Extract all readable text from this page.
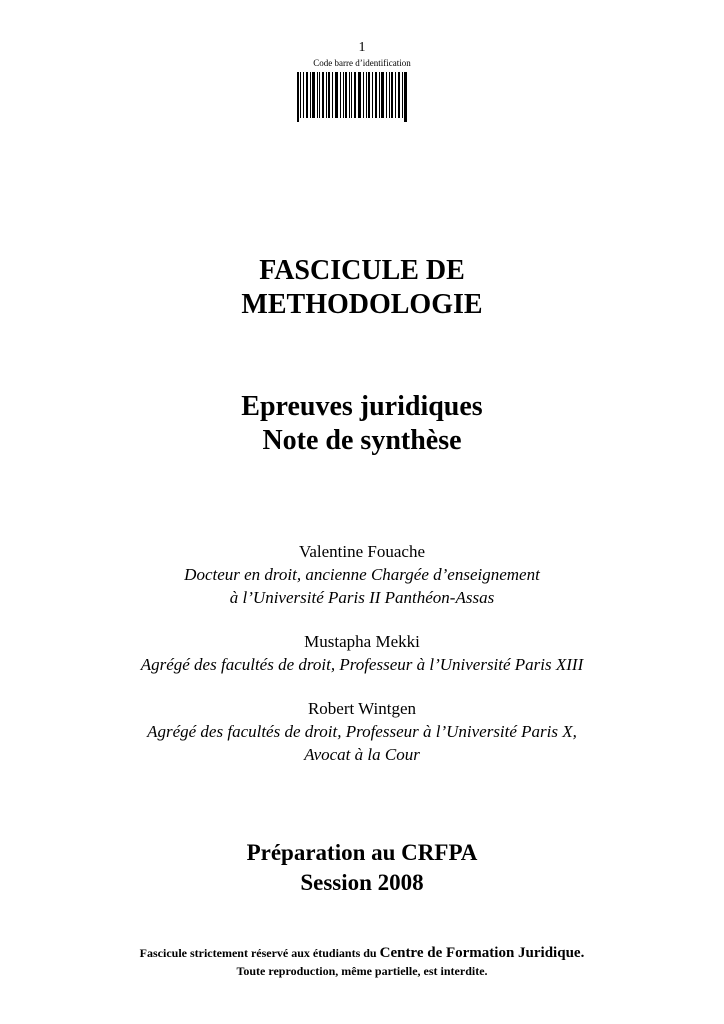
1
Code barre d’identification
FASCICULE DE
METHODOLOGIE
Epreuves juridiques
Note de synthèse
Valentine Fouache
Docteur en droit, ancienne Chargée d’enseignement
à l’Université Paris II Panthéon-Assas
Mustapha Mekki
Agrégé des facultés de droit, Professeur à l’Université Paris XIII
Robert Wintgen
Agrégé des facultés de droit, Professeur à l’Université Paris X,
Avocat à la Cour
Préparation au CRFPA
Session 2008
Fascicule strictement réservé aux étudiants du Centre de Formation Juridique.
Toute reproduction, même partielle, est interdite.
